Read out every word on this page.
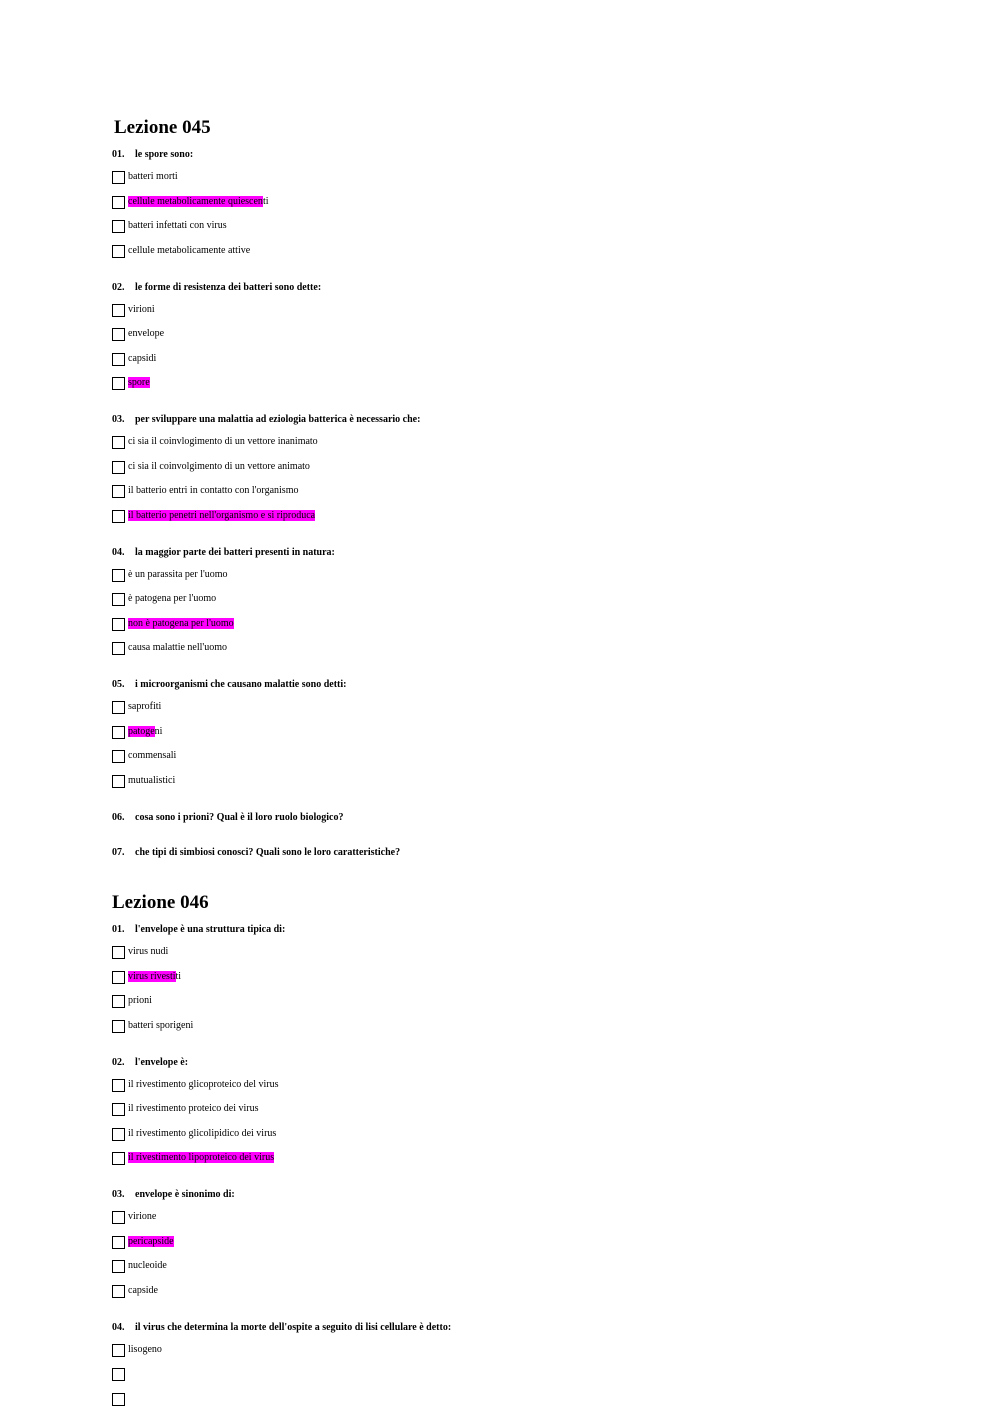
Lezione 045
01. le spore sono:
batteri morti
cellule metabolicamente quiescenti
batteri infettati con virus
cellule metabolicamente attive
02. le forme di resistenza dei batteri sono dette:
virioni
envelope
capsidi
spore
03. per sviluppare una malattia ad eziologia batterica è necessario che:
ci sia il coinvlogimento di un vettore inanimato
ci sia il coinvolgimento di un vettore animato
il batterio entri in contatto con l'organismo
il batterio penetri nell'organismo e si riproduca
04. la maggior parte dei batteri presenti in natura:
è un parassita per l'uomo
è patogena per l'uomo
non è patogena per l'uomo
causa malattie nell'uomo
05. i microorganismi che causano malattie sono detti:
saprofiti
patogeni
commensali
mutualistici
06. cosa sono i prioni? Qual è il loro ruolo biologico?
07. che tipi di simbiosi conosci? Quali sono le loro caratteristiche?
Lezione 046
01. l'envelope è una struttura tipica di:
virus nudi
virus rivestiti
prioni
batteri sporigeni
02. l'envelope è:
il rivestimento glicoproteico del virus
il rivestimento proteico dei virus
il rivestimento glicolipidico dei virus
il rivestimento lipoproteico dei virus
03. envelope è sinonimo di:
virione
pericapside
nucleoide
capside
04. il virus che determina la morte dell'ospite a seguito di lisi cellulare è detto:
lisogeno
